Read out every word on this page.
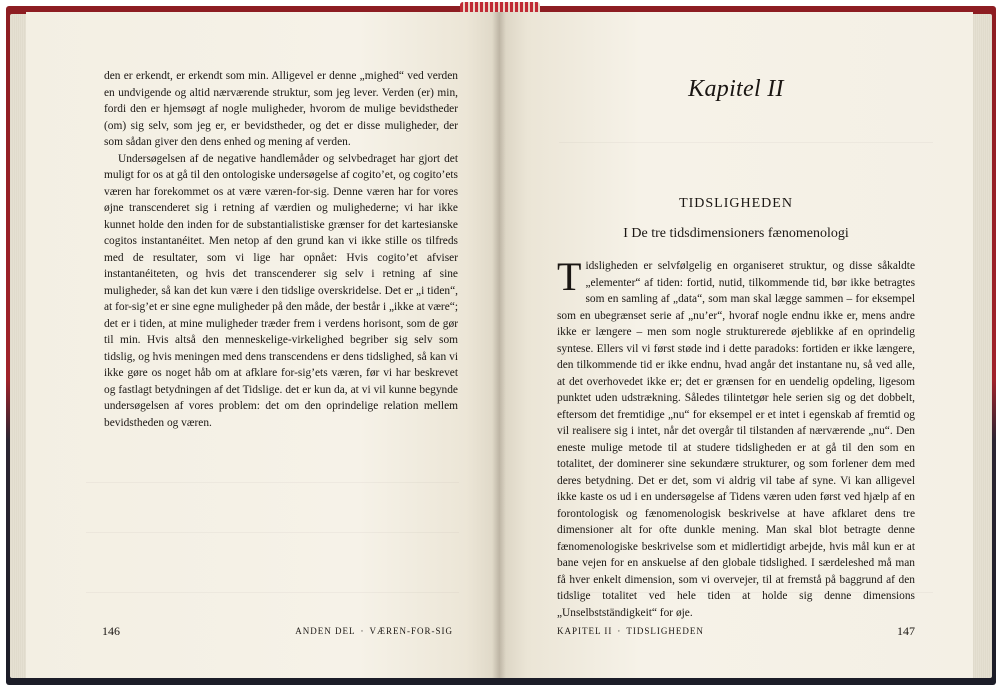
den er erkendt, er erkendt som min. Alligevel er denne „mighed“ ved verden en undvigende og altid nærværende struktur, som jeg lever. Verden (er) min, fordi den er hjemsøgt af nogle muligheder, hvorom de mulige bevidstheder (om) sig selv, som jeg er, er bevidstheder, og det er disse muligheder, der som sådan giver den dens enhed og mening af verden.

Undersøgelsen af de negative handlemåder og selvbedraget har gjort det muligt for os at gå til den ontologiske undersøgelse af cogito’et, og cogito’ets væren har forekommet os at være væren-for-sig. Denne væren har for vores øjne transcenderet sig i retning af værdien og mulighederne; vi har ikke kunnet holde den inden for de substantialistiske grænser for det kartesianske cogitos instantanéitet. Men netop af den grund kan vi ikke stille os tilfreds med de resultater, som vi lige har opnået: Hvis cogito’et afviser instantanéiteten, og hvis det transcenderer sig selv i retning af sine muligheder, så kan det kun være i den tidslige overskridelse. Det er „i tiden“, at for-sig’et er sine egne muligheder på den måde, der består i „ikke at være“; det er i tiden, at mine muligheder træder frem i verdens horisont, som de gør til min. Hvis altså den menneskelige-virkelighed begriber sig selv som tidslig, og hvis meningen med dens transcendens er dens tidslighed, så kan vi ikke gøre os noget håb om at afklare for-sig’ets væren, før vi har beskrevet og fastlagt betydningen af det Tidslige. det er kun da, at vi vil kunne begynde undersøgelsen af vores problem: det om den oprindelige relation mellem bevidstheden og væren.

146	ANDEN DEL · VÆREN-FOR-SIG
Kapitel II
TIDSLIGHEDEN
I De tre tidsdimensioners fænomenologi

Tidsligheden er selvfølgelig en organiseret struktur, og disse såkaldte „elementer“ af tiden: fortid, nutid, tilkommende tid, bør ikke betragtes som en samling af „data“, som man skal lægge sammen – for eksempel som en ubegrænset serie af „nu’er“, hvoraf nogle endnu ikke er, mens andre ikke er længere – men som nogle strukturerede øjeblikke af en oprindelig syntese. Ellers vil vi først støde ind i dette paradoks: fortiden er ikke længere, den tilkommende tid er ikke endnu, hvad angår det instantane nu, så ved alle, at det overhovedet ikke er; det er grænsen for en uendelig opdeling, ligesom punktet uden udstrækning. Således tilintetgør hele serien sig og det dobbelt, eftersom det fremtidige „nu“ for eksempel er et intet i egenskab af fremtid og vil realisere sig i intet, når det overgår til tilstanden af nærværende „nu“. Den eneste mulige metode til at studere tidsligheden er at gå til den som en totalitet, der dominerer sine sekundære strukturer, og som forlener dem med deres betydning. Det er det, som vi aldrig vil tabe af syne. Vi kan alligevel ikke kaste os ud i en undersøgelse af Tidens væren uden først ved hjælp af en forontologisk og fænomenologisk beskrivelse at have afklaret dens tre dimensioner alt for ofte dunkle mening. Man skal blot betragte denne fænomenologiske beskrivelse som et midlertidigt arbejde, hvis mål kun er at bane vejen for en anskuelse af den globale tidslighed. I særdeleshed må man få hver enkelt dimension, som vi overvejer, til at fremstå på baggrund af den tidslige totalitet ved hele tiden at holde sig denne dimensions „Unselbstständigkeit“ for øje.

KAPITEL II · TIDSLIGHEDEN	147
